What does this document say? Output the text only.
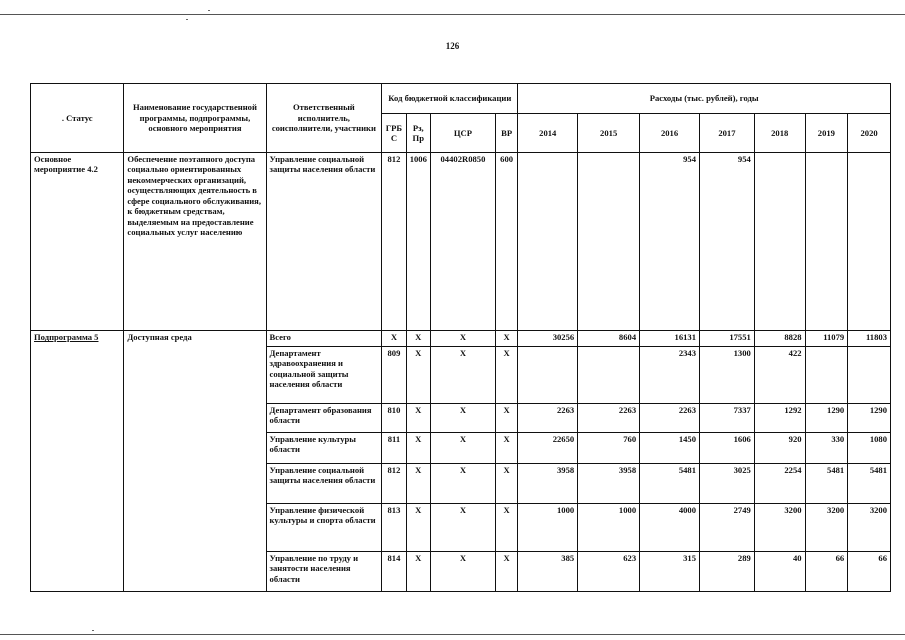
126
. Статус	Наименование государственной программы, подпрограммы, основного мероприятия	Ответственный исполнитель, соисполнители, участники	Код бюджетной классификации				Расходы (тыс. рублей), годы						
			ГРБ С	Рз, Пр	ЦСР	ВР	2014	2015	2016	2017	2018	2019	2020
Основное мероприятие 4.2	Обеспечение поэтапного доступа социально ориентированных некоммерческих организаций, осуществляющих деятельность в сфере социального обслуживания, к бюджетным средствам, выделяемым на предоставление социальных услуг населению	Управление социальной защиты населения области	812	1006	04402R0850	600			954	954			
Подпрограмма 5	Доступная среда	Всего	Х	Х	Х	Х	30256	8604	16131	17551	8828	11079	11803
		Департамент здравоохранения и социальной защиты населения области	809	Х	Х	Х			2343	1300	422		
		Департамент образования области	810	Х	Х	Х	2263	2263	2263	7337	1292	1290	1290
		Управление культуры области	811	Х	Х	Х	22650	760	1450	1606	920	330	1080
		Управление социальной защиты населения области	812	Х	Х	Х	3958	3958	5481	3025	2254	5481	5481
		Управление физической культуры и спорта области	813	Х	Х	Х	1000	1000	4000	2749	3200	3200	3200
		Управление по труду и занятости населения области	814	Х	Х	Х	385	623	315	289	40	66	66
